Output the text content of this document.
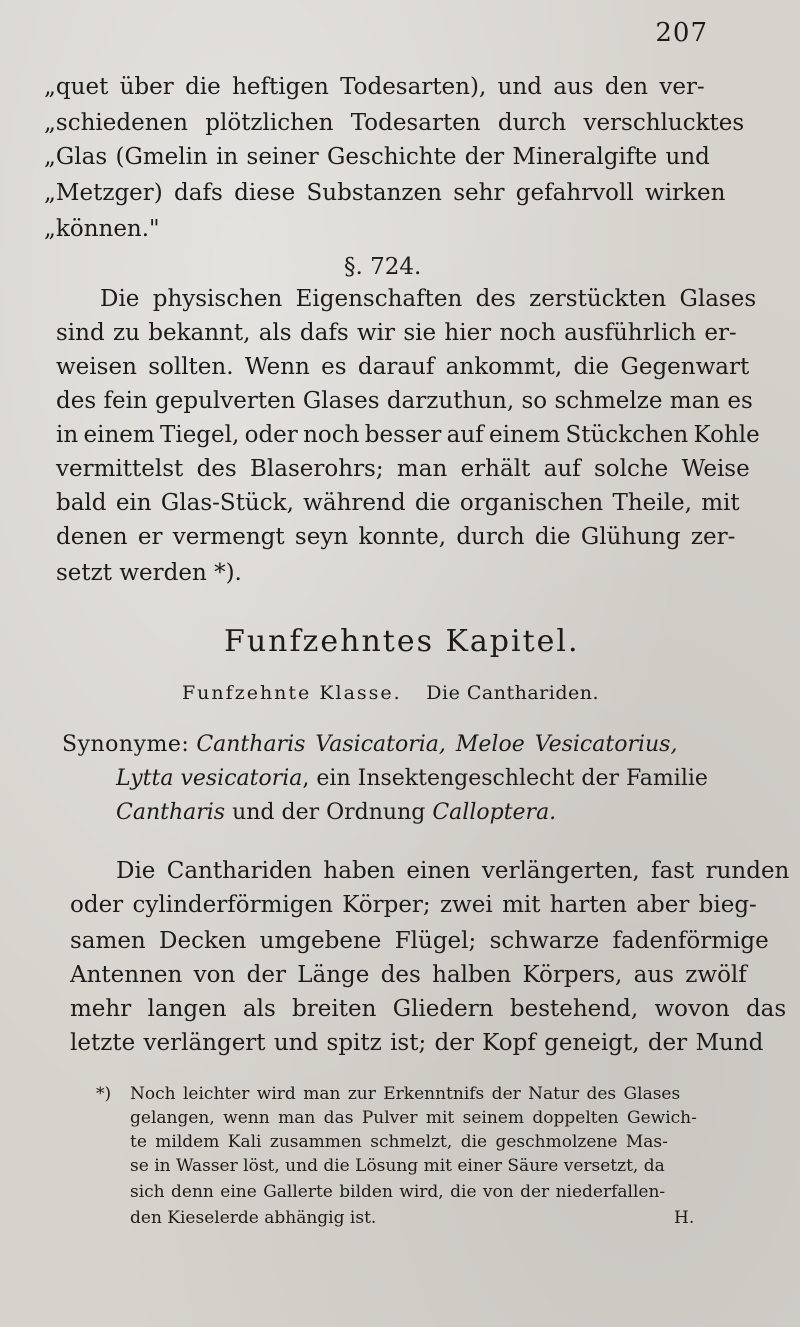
207
„quet über die heftigen Todesarten), und aus den ver-
„schiedenen plötzlichen Todesarten durch verschlucktes
„Glas (Gmelin in seiner Geschichte der Mineralgifte und
„Metzger) dafs diese Substanzen sehr gefahrvoll wirken
„können."
§. 724.
Die physischen Eigenschaften des zerstückten Glases
sind zu bekannt, als dafs wir sie hier noch ausführlich er-
weisen sollten. Wenn es darauf ankommt, die Gegenwart
des fein gepulverten Glases darzuthun, so schmelze man es
in einem Tiegel, oder noch besser auf einem Stückchen Kohle
vermittelst des Blaserohrs; man erhält auf solche Weise
bald ein Glas-Stück, während die organischen Theile, mit
denen er vermengt seyn konnte, durch die Glühung zer-
setzt werden *).
Funfzehntes Kapitel.
Funfzehnte Klasse. Die Canthariden.
Synonyme: Cantharis Vasicatoria, Meloe Vesicatorius,
Lytta vesicatoria, ein Insektengeschlecht der Familie
Cantharis und der Ordnung Calloptera.
Die Canthariden haben einen verlängerten, fast runden
oder cylinderförmigen Körper; zwei mit harten aber bieg-
samen Decken umgebene Flügel; schwarze fadenförmige
Antennen von der Länge des halben Körpers, aus zwölf
mehr langen als breiten Gliedern bestehend, wovon das
letzte verlängert und spitz ist; der Kopf geneigt, der Mund
*) Noch leichter wird man zur Erkenntnifs der Natur des Glases
gelangen, wenn man das Pulver mit seinem doppelten Gewich-
te mildem Kali zusammen schmelzt, die geschmolzene Mas-
se in Wasser löst, und die Lösung mit einer Säure versetzt, da
sich denn eine Gallerte bilden wird, die von der niederfallen-
den Kieselerde abhängig ist.	H.
